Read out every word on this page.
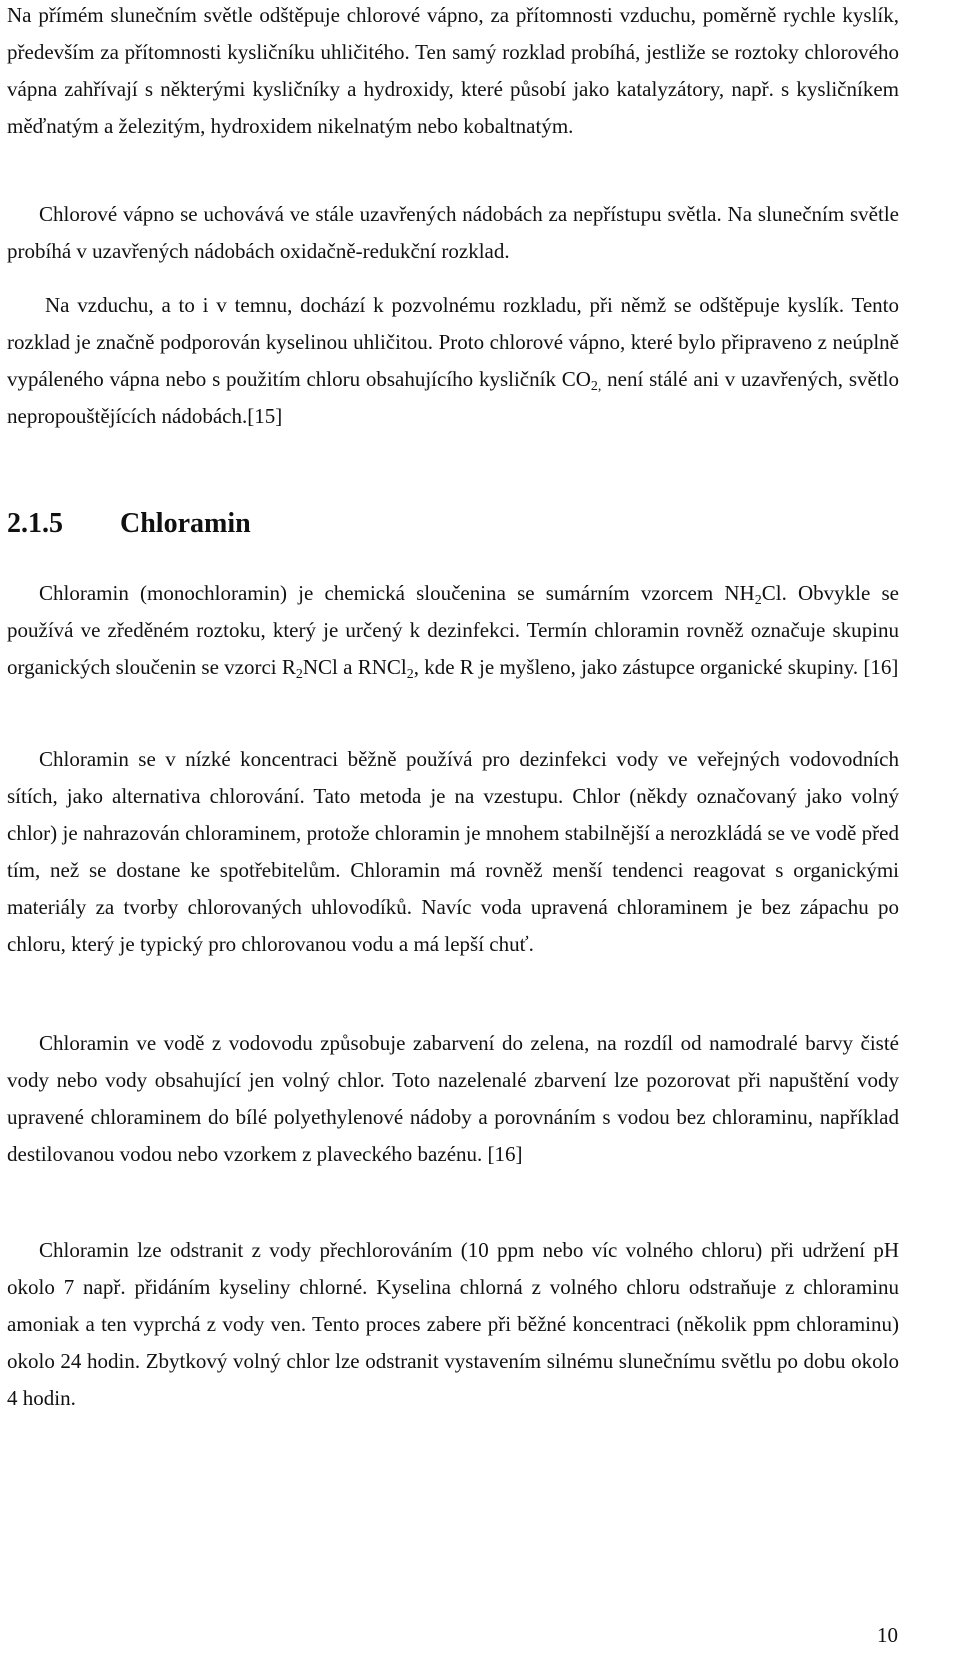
Na přímém slunečním světle odštěpuje chlorové vápno, za přítomnosti vzduchu, poměrně rychle kyslík, především za přítomnosti kysličníku uhličitého. Ten samý rozklad probíhá, jestliže se roztoky chlorového vápna zahřívají s některými kysličníky a hydroxidy, které působí jako katalyzátory, např. s kysličníkem měďnatým a železitým, hydroxidem nikelnatým nebo kobaltnatým.

Chlorové vápno se uchovává ve stále uzavřených nádobách za nepřístupu světla. Na slunečním světle probíhá v uzavřených nádobách oxidačně-redukční rozklad.

Na vzduchu, a to i v temnu, dochází k pozvolnému rozkladu, při němž se odštěpuje kyslík. Tento rozklad je značně podporován kyselinou uhličitou. Proto chlorové vápno, které bylo připraveno z neúplně vypáleného vápna nebo s použitím chloru obsahujícího kysličník $CO_{2,}$ není stálé ani v uzavřených, světlo nepropouštějících nádobách.[15]

2.1.5 Chloramin

Chloramin (monochloramin) je chemická sloučenina se sumárním vzorcem $NH_2Cl$. Obvykle se používá ve zředěném roztoku, který je určený k dezinfekci. Termín chloramin rovněž označuje skupinu organických sloučenin se vzorci $R_2NCl$ a RNCl$_2$, kde R je myšleno, jako zástupce organické skupiny. [16]

Chloramin se v nízké koncentraci běžně používá pro dezinfekci vody ve veřejných vodovodních sítích, jako alternativa chlorování. Tato metoda je na vzestupu. Chlor (někdy označovaný jako volný chlor) je nahrazován chloraminem, protože chloramin je mnohem stabilnější a nerozkládá se ve vodě před tím, než se dostane ke spotřebitelům. Chloramin má rovněž menší tendenci reagovat s organickými materiály za tvorby chlorovaných uhlovodíků. Navíc voda upravená chloraminem je bez zápachu po chloru, který je typický pro chlorovanou vodu a má lepší chuť.

Chloramin ve vodě z vodovodu způsobuje zabarvení do zelena, na rozdíl od namodralé barvy čisté vody nebo vody obsahující jen volný chlor. Toto nazelenalé zbarvení lze pozorovat při napuštění vody upravené chloraminem do bílé polyethylenové nádoby a porovnáním s vodou bez chloraminu, například destilovanou vodou nebo vzorkem z plaveckého bazénu. [16]

Chloramin lze odstranit z vody přechlorováním (10 ppm nebo víc volného chloru) při udržení pH okolo 7 např. přidáním kyseliny chlorné. Kyselina chlorná z volného chloru odstraňuje z chloraminu amoniak a ten vyprchá z vody ven. Tento proces zabere při běžné koncentraci (několik ppm chloraminu) okolo 24 hodin. Zbytkový volný chlor lze odstranit vystavením silnému slunečnímu světlu po dobu okolo 4 hodin.

10
